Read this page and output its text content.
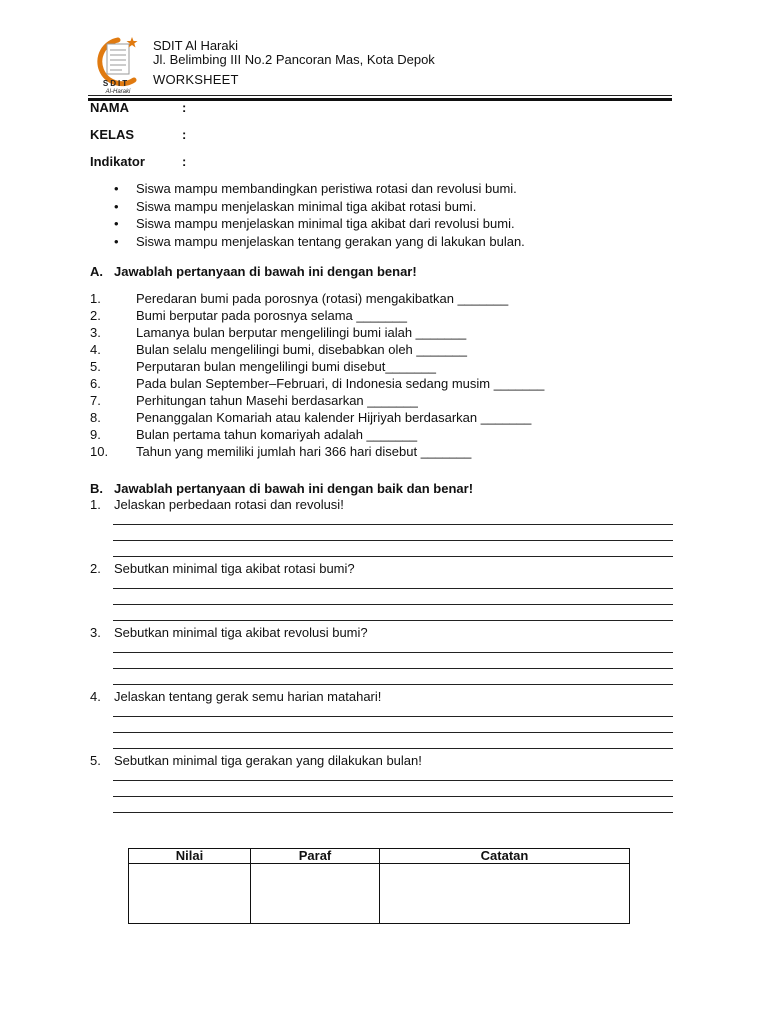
SDIT
Al-Haraki
SDIT Al Haraki
Jl. Belimbing III No.2 Pancoran Mas, Kota Depok
WORKSHEET
NAMA	:
KELAS	:
Indikator	:
• Siswa mampu membandingkan peristiwa rotasi dan revolusi bumi.
• Siswa mampu menjelaskan minimal tiga akibat rotasi bumi.
• Siswa mampu menjelaskan minimal tiga akibat dari revolusi bumi.
• Siswa mampu menjelaskan tentang gerakan yang di lakukan bulan.
A. Jawablah pertanyaan di bawah ini dengan benar!
1.	Peredaran bumi pada porosnya (rotasi) mengakibatkan _______
2.	Bumi berputar pada porosnya selama _______
3.	Lamanya bulan berputar mengelilingi bumi ialah _______
4.	Bulan selalu mengelilingi bumi, disebabkan oleh _______
5.	Perputaran bulan mengelilingi bumi disebut_______
6.	Pada bulan September–Februari, di Indonesia sedang musim _______
7.	Perhitungan tahun Masehi berdasarkan _______
8.	Penanggalan Komariah atau kalender Hijriyah berdasarkan _______
9.	Bulan pertama tahun komariyah adalah _______
10. Tahun yang memiliki jumlah hari 366 hari disebut _______
B. Jawablah pertanyaan di bawah ini dengan baik dan benar!
1. Jelaskan perbedaan rotasi dan revolusi!
2. Sebutkan minimal tiga akibat rotasi bumi?
3. Sebutkan minimal tiga akibat revolusi bumi?
4. Jelaskan tentang gerak semu harian matahari!
5. Sebutkan minimal tiga gerakan yang dilakukan bulan!
Nilai	Paraf	Catatan
